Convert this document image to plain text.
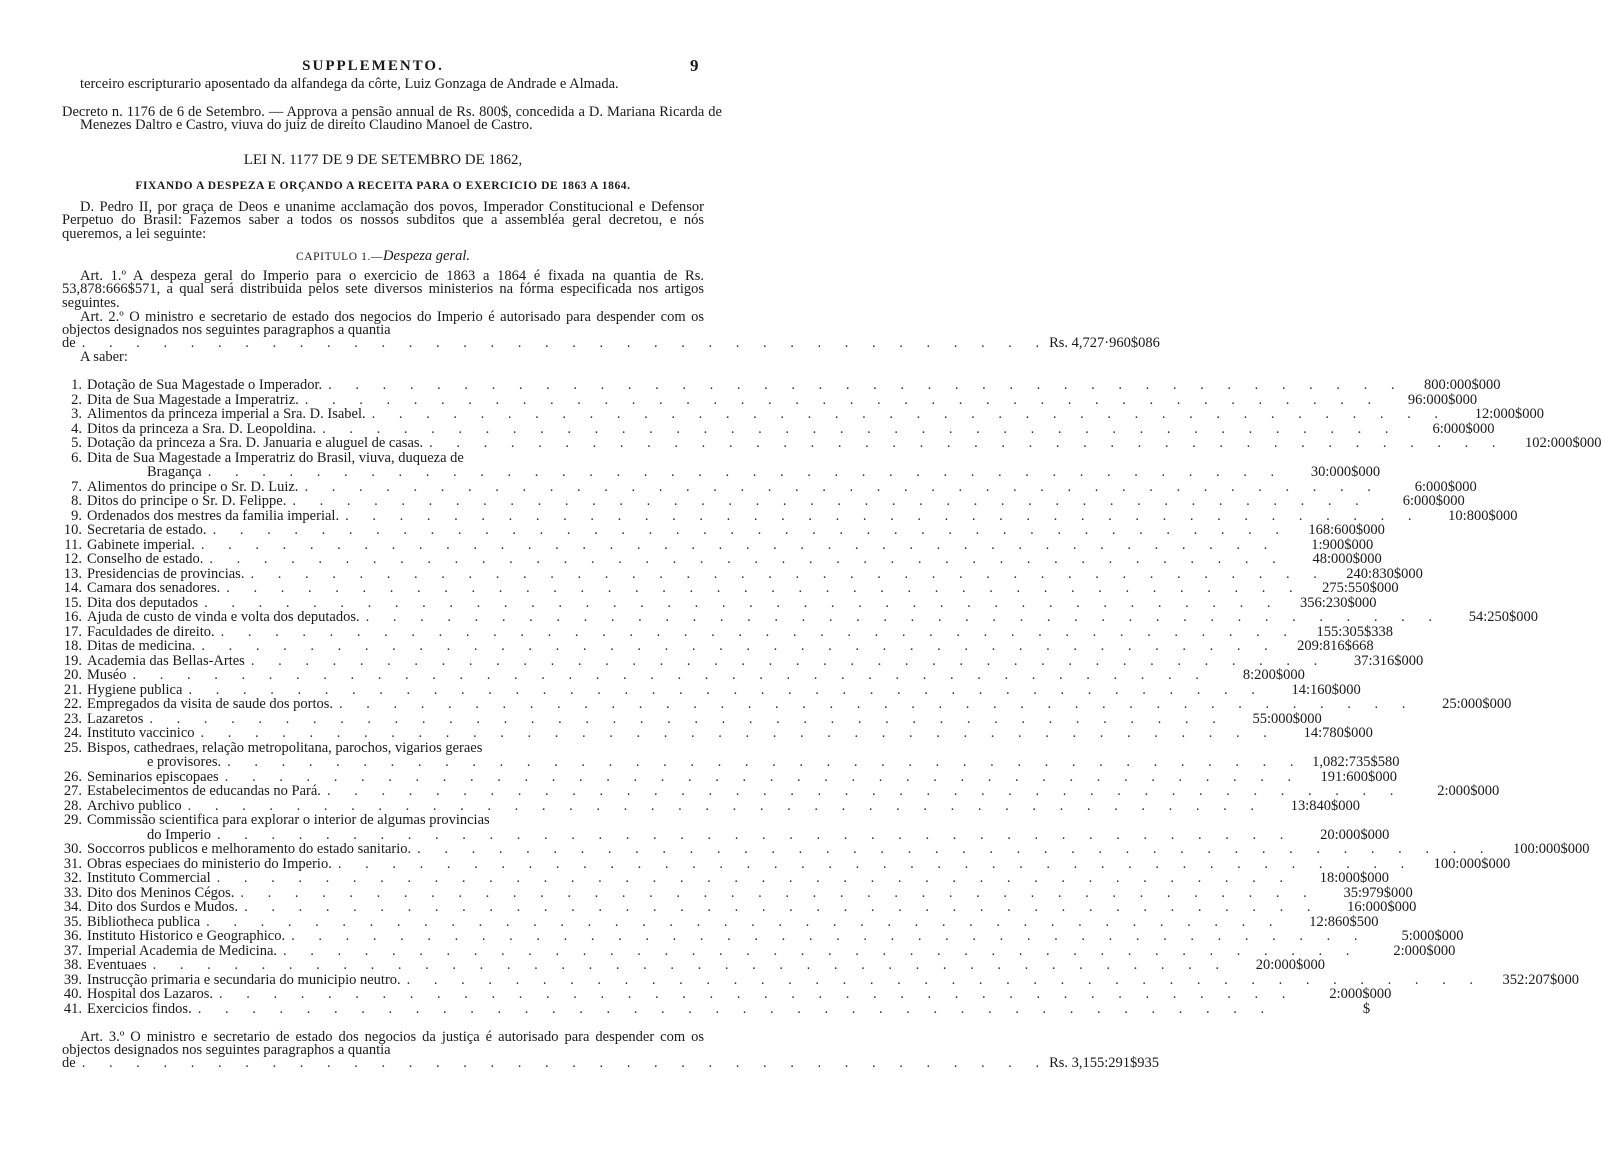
SUPPLEMENTO.	9
terceiro escripturario aposentado da alfandega da côrte, Luiz Gonzaga de Andrade e Almada.
Decreto n. 1176 de 6 de Setembro. — Approva a pensão annual de Rs. 800$, concedida a D. Mariana Ricarda de Menezes Daltro e Castro, viuva do juiz de direito Claudino Manoel de Castro.
LEI N. 1177 DE 9 DE SETEMBRO DE 1862,
FIXANDO A DESPEZA E ORÇANDO A RECEITA PARA O EXERCICIO DE 1863 A 1864.
D. Pedro II, por graça de Deos e unanime acclamação dos povos, Imperador Constitucional e Defensor Perpetuo do Brasil: Fazemos saber a todos os nossos subditos que a assembléa geral decretou, e nós queremos, a lei seguinte:
CAPITULO 1.—Despeza geral.
Art. 1.º A despeza geral do Imperio para o exercicio de 1863 a 1864 é fixada na quantia de Rs. 53,878:666$571, a qual será distribuida pelos sete diversos ministerios na fórma especificada nos artigos seguintes.
Art. 2.º O ministro e secretario de estado dos negocios do Imperio é autorisado para despender com os objectos designados nos seguintes paragraphos a quantia
de . . . . . . . . . . . . . . . . . . . . . . . . . . . . . . . . . . . . Rs. 4,727·960$086
A saber:
1. Dotação de Sua Magestade o Imperador. . . . . . . . . . . . . . . . . . . . . . . . . . . . . . . . . . . . . . . . .	800:000$000
2. Dita de Sua Magestade a Imperatriz. . . . . . . . . . . . . . . . . . . . . . . . . . . . . . . . . . . . . . . . .	96:000$000
3. Alimentos da princeza imperial a Sra. D. Isabel. . . . . . . . . . . . . . . . . . . . . . . . . . . . . . . . . . . . . . . . .	12:000$000
4. Ditos da princeza a Sra. D. Leopoldina. . . . . . . . . . . . . . . . . . . . . . . . . . . . . . . . . . . . . . . . .	6:000$000
5. Dotação da princeza a Sra. D. Januaria e aluguel de casas. . . . . . . . . . . . . . . . . . . . . . . . . . . . . . . . . . . . . . . . .	102:000$000
6. Dita de Sua Magestade a Imperatriz do Brasil, viuva, duqueza de
Bragança . . . . . . . . . . . . . . . . . . . . . . . . . . . . . . . . . . . . . . . .	30:000$000
7. Alimentos do principe o Sr. D. Luiz. . . . . . . . . . . . . . . . . . . . . . . . . . . . . . . . . . . . . . . . .	6:000$000
8. Ditos do principe o Sr. D. Felippe. . . . . . . . . . . . . . . . . . . . . . . . . . . . . . . . . . . . . . . . .	6:000$000
9. Ordenados dos mestres da familia imperial. . . . . . . . . . . . . . . . . . . . . . . . . . . . . . . . . . . . . . . . .	10:800$000
10. Secretaria de estado. . . . . . . . . . . . . . . . . . . . . . . . . . . . . . . . . . . . . . . . .	168:600$000
11. Gabinete imperial. . . . . . . . . . . . . . . . . . . . . . . . . . . . . . . . . . . . . . . . .	1:900$000
12. Conselho de estado. . . . . . . . . . . . . . . . . . . . . . . . . . . . . . . . . . . . . . . . .	48:000$000
13. Presidencias de provincias. . . . . . . . . . . . . . . . . . . . . . . . . . . . . . . . . . . . . . . . .	240:830$000
14. Camara dos senadores. . . . . . . . . . . . . . . . . . . . . . . . . . . . . . . . . . . . . . . . .	275:550$000
15. Dita dos deputados . . . . . . . . . . . . . . . . . . . . . . . . . . . . . . . . . . . . . . . .	356:230$000
16. Ajuda de custo de vinda e volta dos deputados. . . . . . . . . . . . . . . . . . . . . . . . . . . . . . . . . . . . . . . . .	54:250$000
17. Faculdades de direito. . . . . . . . . . . . . . . . . . . . . . . . . . . . . . . . . . . . . . . . .	155:305$338
18. Ditas de medicina. . . . . . . . . . . . . . . . . . . . . . . . . . . . . . . . . . . . . . . . .	209:816$668
19. Academia das Bellas-Artes . . . . . . . . . . . . . . . . . . . . . . . . . . . . . . . . . . . . . . . .	37:316$000
20. Muséo . . . . . . . . . . . . . . . . . . . . . . . . . . . . . . . . . . . . . . . .	8:200$000
21. Hygiene publica . . . . . . . . . . . . . . . . . . . . . . . . . . . . . . . . . . . . . . . .	14:160$000
22. Empregados da visita de saude dos portos. . . . . . . . . . . . . . . . . . . . . . . . . . . . . . . . . . . . . . . . .	25:000$000
23. Lazaretos . . . . . . . . . . . . . . . . . . . . . . . . . . . . . . . . . . . . . . . .	55:000$000
24. Instituto vaccinico . . . . . . . . . . . . . . . . . . . . . . . . . . . . . . . . . . . . . . . .	14:780$000
25. Bispos, cathedraes, relação metropolitana, parochos, vigarios geraes
e provisores. . . . . . . . . . . . . . . . . . . . . . . . . . . . . . . . . . . . . . . . . 1,082:735$580
26. Seminarios episcopaes . . . . . . . . . . . . . . . . . . . . . . . . . . . . . . . . . . . . . . . .	191:600$000
27. Estabelecimentos de educandas no Pará. . . . . . . . . . . . . . . . . . . . . . . . . . . . . . . . . . . . . . . . .	2:000$000
28. Archivo publico . . . . . . . . . . . . . . . . . . . . . . . . . . . . . . . . . . . . . . . .	13:840$000
29. Commissão scientifica para explorar o interior de algumas provincias
do Imperio . . . . . . . . . . . . . . . . . . . . . . . . . . . . . . . . . . . . . . . .	20:000$000
30. Soccorros publicos e melhoramento do estado sanitario. . . . . . . . . . . . . . . . . . . . . . . . . . . . . . . . . . . . . . . . .	100:000$000
31. Obras especiaes do ministerio do Imperio. . . . . . . . . . . . . . . . . . . . . . . . . . . . . . . . . . . . . . . . .	100:000$000
32. Instituto Commercial . . . . . . . . . . . . . . . . . . . . . . . . . . . . . . . . . . . . . . . .	18:000$000
33. Dito dos Meninos Cégos. . . . . . . . . . . . . . . . . . . . . . . . . . . . . . . . . . . . . . . . .	35:979$000
34. Dito dos Surdos e Mudos. . . . . . . . . . . . . . . . . . . . . . . . . . . . . . . . . . . . . . . . .	16:000$000
35. Bibliotheca publica . . . . . . . . . . . . . . . . . . . . . . . . . . . . . . . . . . . . . . . .	12:860$500
36. Instituto Historico e Geographico. . . . . . . . . . . . . . . . . . . . . . . . . . . . . . . . . . . . . . . . .	5:000$000
37. Imperial Academia de Medicina. . . . . . . . . . . . . . . . . . . . . . . . . . . . . . . . . . . . . . . . .	2:000$000
38. Eventuaes . . . . . . . . . . . . . . . . . . . . . . . . . . . . . . . . . . . . . . . .	20:000$000
39. Instrucção primaria e secundaria do municipio neutro. . . . . . . . . . . . . . . . . . . . . . . . . . . . . . . . . . . . . . . . .	352:207$000
40. Hospital dos Lazaros. . . . . . . . . . . . . . . . . . . . . . . . . . . . . . . . . . . . . . . . .	2:000$000
41. Exercicios findos. . . . . . . . . . . . . . . . . . . . . . . . . . . . . . . . . . . . . . . . .	$
Art. 3.º O ministro e secretario de estado dos negocios da justiça é autorisado para despender com os objectos designados nos seguintes paragraphos a quantia
de . . . . . . . . . . . . . . . . . . . . . . . . . . . . . . . . . . . . Rs. 3,155:291$935
